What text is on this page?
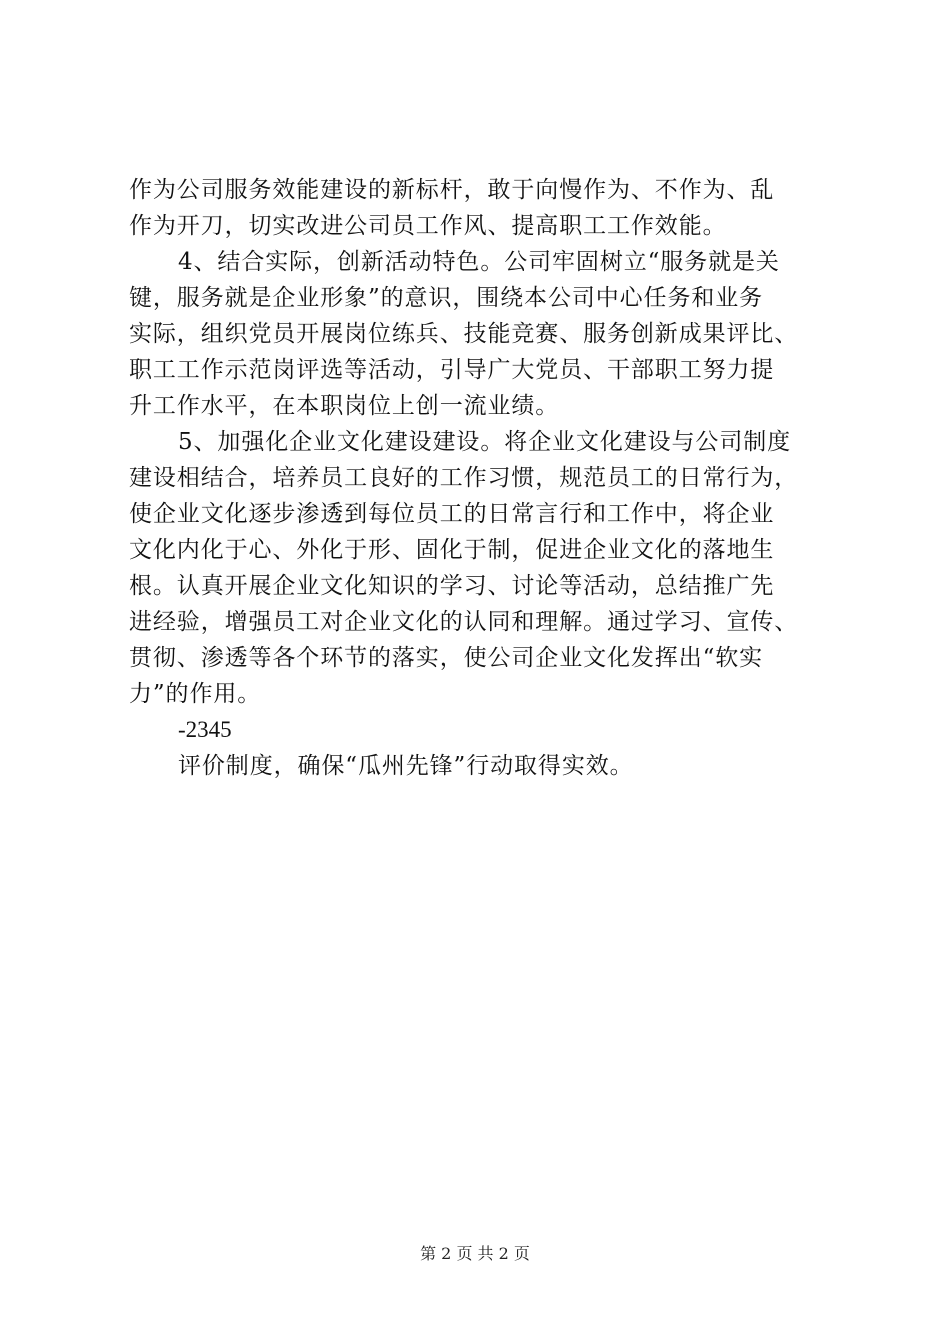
作为公司服务效能建设的新标杆，敢于向慢作为、不作为、乱
作为开刀，切实改进公司员工作风、提高职工工作效能。
4、结合实际，创新活动特色。公司牢固树立“服务就是关
键，服务就是企业形象”的意识，围绕本公司中心任务和业务
实际，组织党员开展岗位练兵、技能竞赛、服务创新成果评比、
职工工作示范岗评选等活动，引导广大党员、干部职工努力提
升工作水平，在本职岗位上创一流业绩。
5、加强化企业文化建设建设。将企业文化建设与公司制度
建设相结合，培养员工良好的工作习惯，规范员工的日常行为，
使企业文化逐步渗透到每位员工的日常言行和工作中，将企业
文化内化于心、外化于形、固化于制，促进企业文化的落地生
根。认真开展企业文化知识的学习、讨论等活动，总结推广先
进经验，增强员工对企业文化的认同和理解。通过学习、宣传、
贯彻、渗透等各个环节的落实，使公司企业文化发挥出“软实
力”的作用。
-2345
评价制度，确保“瓜州先锋”行动取得实效。
第 2 页 共 2 页
